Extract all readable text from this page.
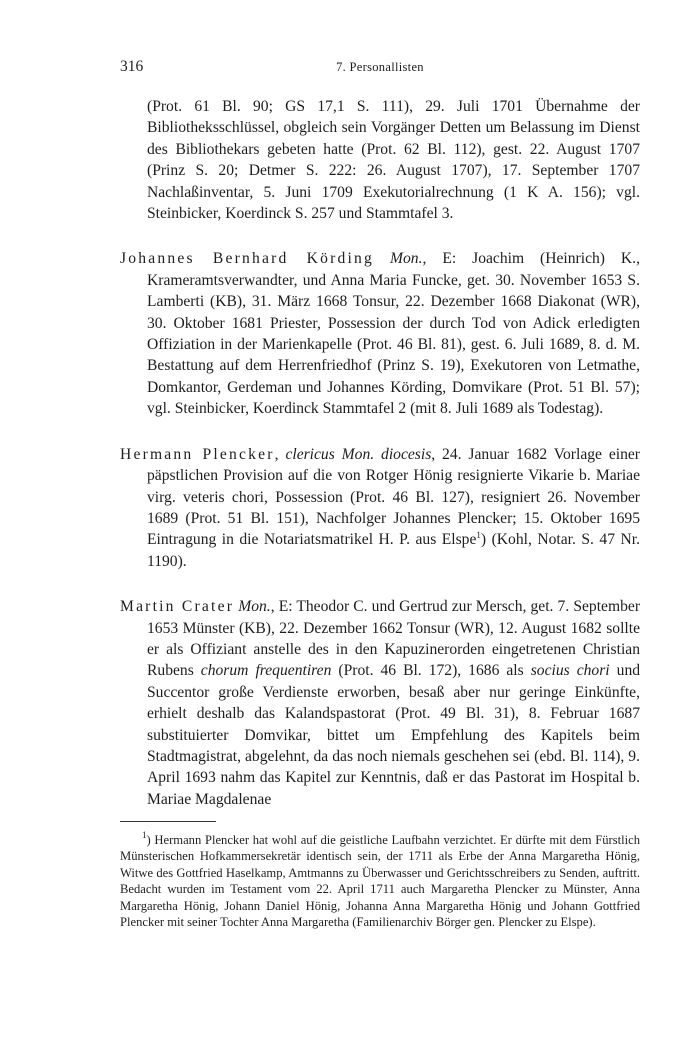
316	7. Personallisten

(Prot. 61 Bl. 90; GS 17,1 S. 111), 29. Juli 1701 Übernahme der Bibliotheksschlüssel, obgleich sein Vorgänger Detten um Belassung im Dienst des Bibliothekars gebeten hatte (Prot. 62 Bl. 112), gest. 22. August 1707 (Prinz S. 20; Detmer S. 222: 26. August 1707), 17. September 1707 Nachlaßinventar, 5. Juni 1709 Exekutorialrechnung (1 K A. 156); vgl. Steinbicker, Koerdinck S. 257 und Stammtafel 3.

Johannes Bernhard Körding Mon., E: Joachim (Heinrich) K., Krameramtsverwandter, und Anna Maria Funcke, get. 30. November 1653 S. Lamberti (KB), 31. März 1668 Tonsur, 22. Dezember 1668 Diakonat (WR), 30. Oktober 1681 Priester, Possession der durch Tod von Adick erledigten Offiziation in der Marienkapelle (Prot. 46 Bl. 81), gest. 6. Juli 1689, 8. d. M. Bestattung auf dem Herrenfriedhof (Prinz S. 19), Exekutoren von Letmathe, Domkantor, Gerdeman und Johannes Körding, Domvikare (Prot. 51 Bl. 57); vgl. Steinbicker, Koerdinck Stammtafel 2 (mit 8. Juli 1689 als Todestag).

Hermann Plencker, clericus Mon. diocesis, 24. Januar 1682 Vorlage einer päpstlichen Provision auf die von Rotger Hönig resignierte Vikarie b. Mariae virg. veteris chori, Possession (Prot. 46 Bl. 127), resigniert 26. November 1689 (Prot. 51 Bl. 151), Nachfolger Johannes Plencker; 15. Oktober 1695 Eintragung in die Notariatsmatrikel H. P. aus Elspe$^1$) (Kohl, Notar. S. 47 Nr. 1190).

Martin Crater Mon., E: Theodor C. und Gertrud zur Mersch, get. 7. September 1653 Münster (KB), 22. Dezember 1662 Tonsur (WR), 12. August 1682 sollte er als Offiziant anstelle des in den Kapuzinerorden eingetretenen Christian Rubens chorum frequentiren (Prot. 46 Bl. 172), 1686 als socius chori und Succentor große Verdienste erworben, besaß aber nur geringe Einkünfte, erhielt deshalb das Kalandspastorat (Prot. 49 Bl. 31), 8. Februar 1687 substituierter Domvikar, bittet um Empfehlung des Kapitels beim Stadtmagistrat, abgelehnt, da das noch niemals geschehen sei (ebd. Bl. 114), 9. April 1693 nahm das Kapitel zur Kenntnis, daß er das Pastorat im Hospital b. Mariae Magdalenae

$^1$) Hermann Plencker hat wohl auf die geistliche Laufbahn verzichtet. Er dürfte mit dem Fürstlich Münsterischen Hofkammersekretär identisch sein, der 1711 als Erbe der Anna Margaretha Hönig, Witwe des Gottfried Haselkamp, Amtmanns zu Überwasser und Gerichtsschreibers zu Senden, auftritt. Bedacht wurden im Testament vom 22. April 1711 auch Margaretha Plencker zu Münster, Anna Margaretha Hönig, Johann Daniel Hönig, Johanna Anna Margaretha Hönig und Johann Gottfried Plencker mit seiner Tochter Anna Margaretha (Familienarchiv Börger gen. Plencker zu Elspe).
